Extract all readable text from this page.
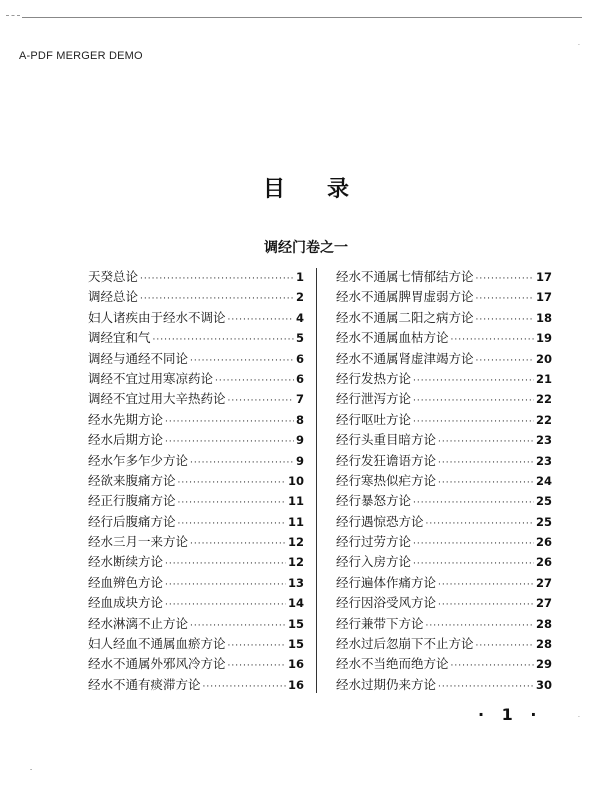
A-PDF MERGER DEMO
目录
调经门卷之一
天癸总论 ·····	1
调经总论 ·····	2
妇人诸疾由于经水不调论 ·····	4
调经宜和气 ·····	5
调经与通经不同论 ·····	6
调经不宜过用寒凉药论 ·····	6
调经不宜过用大辛热药论 ·····	7
经水先期方论 ·····	8
经水后期方论 ·····	9
经水乍多乍少方论 ·····	9
经欲来腹痛方论 ·····	10
经正行腹痛方论 ·····	11
经行后腹痛方论 ·····	11
经水三月一来方论 ·····	12
经水断续方论 ·····	12
经血辨色方论 ·····	13
经血成块方论 ·····	14
经水淋漓不止方论 ·····	15
妇人经血不通属血瘀方论 ·····	15
经水不通属外邪风冷方论 ·····	16
经水不通有痰滞方论 ·····	16
经水不通属七情郁结方论 ·····	17
经水不通属脾胃虚弱方论 ·····	17
经水不通属二阳之病方论 ·····	18
经水不通属血枯方论 ·····	19
经水不通属肾虚津竭方论 ·····	20
经行发热方论 ·····	21
经行泄泻方论 ·····	22
经行呕吐方论 ·····	22
经行头重目暗方论 ·····	23
经行发狂谵语方论 ·····	23
经行寒热似疟方论 ·····	24
经行暴怒方论 ·····	25
经行遇惊恐方论 ·····	25
经行过劳方论 ·····	26
经行入房方论 ·····	26
经行遍体作痛方论 ·····	27
经行因浴受风方论 ·····	27
经行兼带下方论 ·····	28
经水过后忽崩下不止方论 ·····	28
经水不当绝而绝方论 ·····	29
经水过期仍来方论 ·····	30
· 1 ·
·
·
-
